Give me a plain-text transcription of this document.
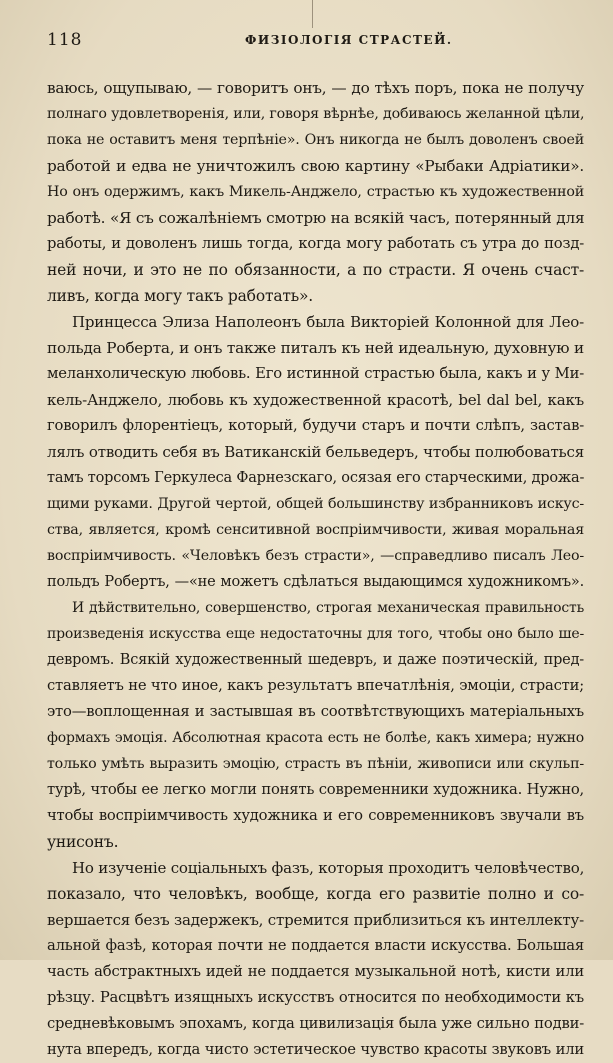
118	ФИЗІОЛОГІЯ СТРАСТЕЙ.
ваюсь, ощупываю, — говоритъ онъ, — до тѣхъ поръ, пока не получу
полнаго удовлетворенія, или, говоря вѣрнѣе, добиваюсь желанной цѣли,
пока не оставитъ меня терпѣніе». Онъ никогда не былъ доволенъ своей
работой и едва не уничтожилъ свою картину «Рыбаки Адріатики».
Но онъ одержимъ, какъ Микель-Анджело, страстью къ художественной
работѣ. «Я съ сожалѣніемъ смотрю на всякій часъ, потерянный для
работы, и доволенъ лишь тогда, когда могу работать съ утра до позд-
ней ночи, и это не по обязанности, а по страсти. Я очень счаст-
ливъ, когда могу такъ работать».
Принцесса Элиза Наполеонъ была Викторіей Колонной для Лео-
польда Роберта, и онъ также питалъ къ ней идеальную, духовную и
меланхолическую любовь. Его истинной страстью была, какъ и у Ми-
кель-Анджело, любовь къ художественной красотѣ, bel dal bel, какъ
говорилъ флорентіецъ, который, будучи старъ и почти слѣпъ, застав-
лялъ отводить себя въ Ватиканскій бельведеръ, чтобы полюбоваться
тамъ торсомъ Геркулеса Фарнезскаго, осязая его старческими, дрожа-
щими руками. Другой чертой, общей большинству избранниковъ искус-
ства, является, кромѣ сенситивной воспріимчивости, живая моральная
воспріимчивость. «Человѣкъ безъ страсти», —справедливо писалъ Лео-
польдъ Робертъ, —«не можетъ сдѣлаться выдающимся художникомъ».
И дѣйствительно, совершенство, строгая механическая правильность
произведенія искусства еще недостаточны для того, чтобы оно было ше-
девромъ. Всякій художественный шедевръ, и даже поэтическій, пред-
ставляетъ не что иное, какъ результатъ впечатлѣнія, эмоціи, страсти;
это—воплощенная и застывшая въ соотвѣтствующихъ матеріальныхъ
формахъ эмоція. Абсолютная красота есть не болѣе, какъ химера; нужно
только умѣть выразить эмоцію, страсть въ пѣніи, живописи или скульп-
турѣ, чтобы ее легко могли понять современники художника. Нужно,
чтобы воспріимчивость художника и его современниковъ звучали въ
унисонъ.
Но изученіе соціальныхъ фазъ, которыя проходитъ человѣчество,
показало, что человѣкъ, вообще, когда его развитіе полно и со-
вершается безъ задержекъ, стремится приблизиться къ интеллекту-
альной фазѣ, которая почти не поддается власти искусства. Большая
часть абстрактныхъ идей не поддается музыкальной нотѣ, кисти или
рѣзцу. Расцвѣтъ изящныхъ искусствъ относится по необходимости къ
средневѣковымъ эпохамъ, когда цивилизація была уже сильно подви-
нута впередъ, когда чисто эстетическое чувство красоты звуковъ или
